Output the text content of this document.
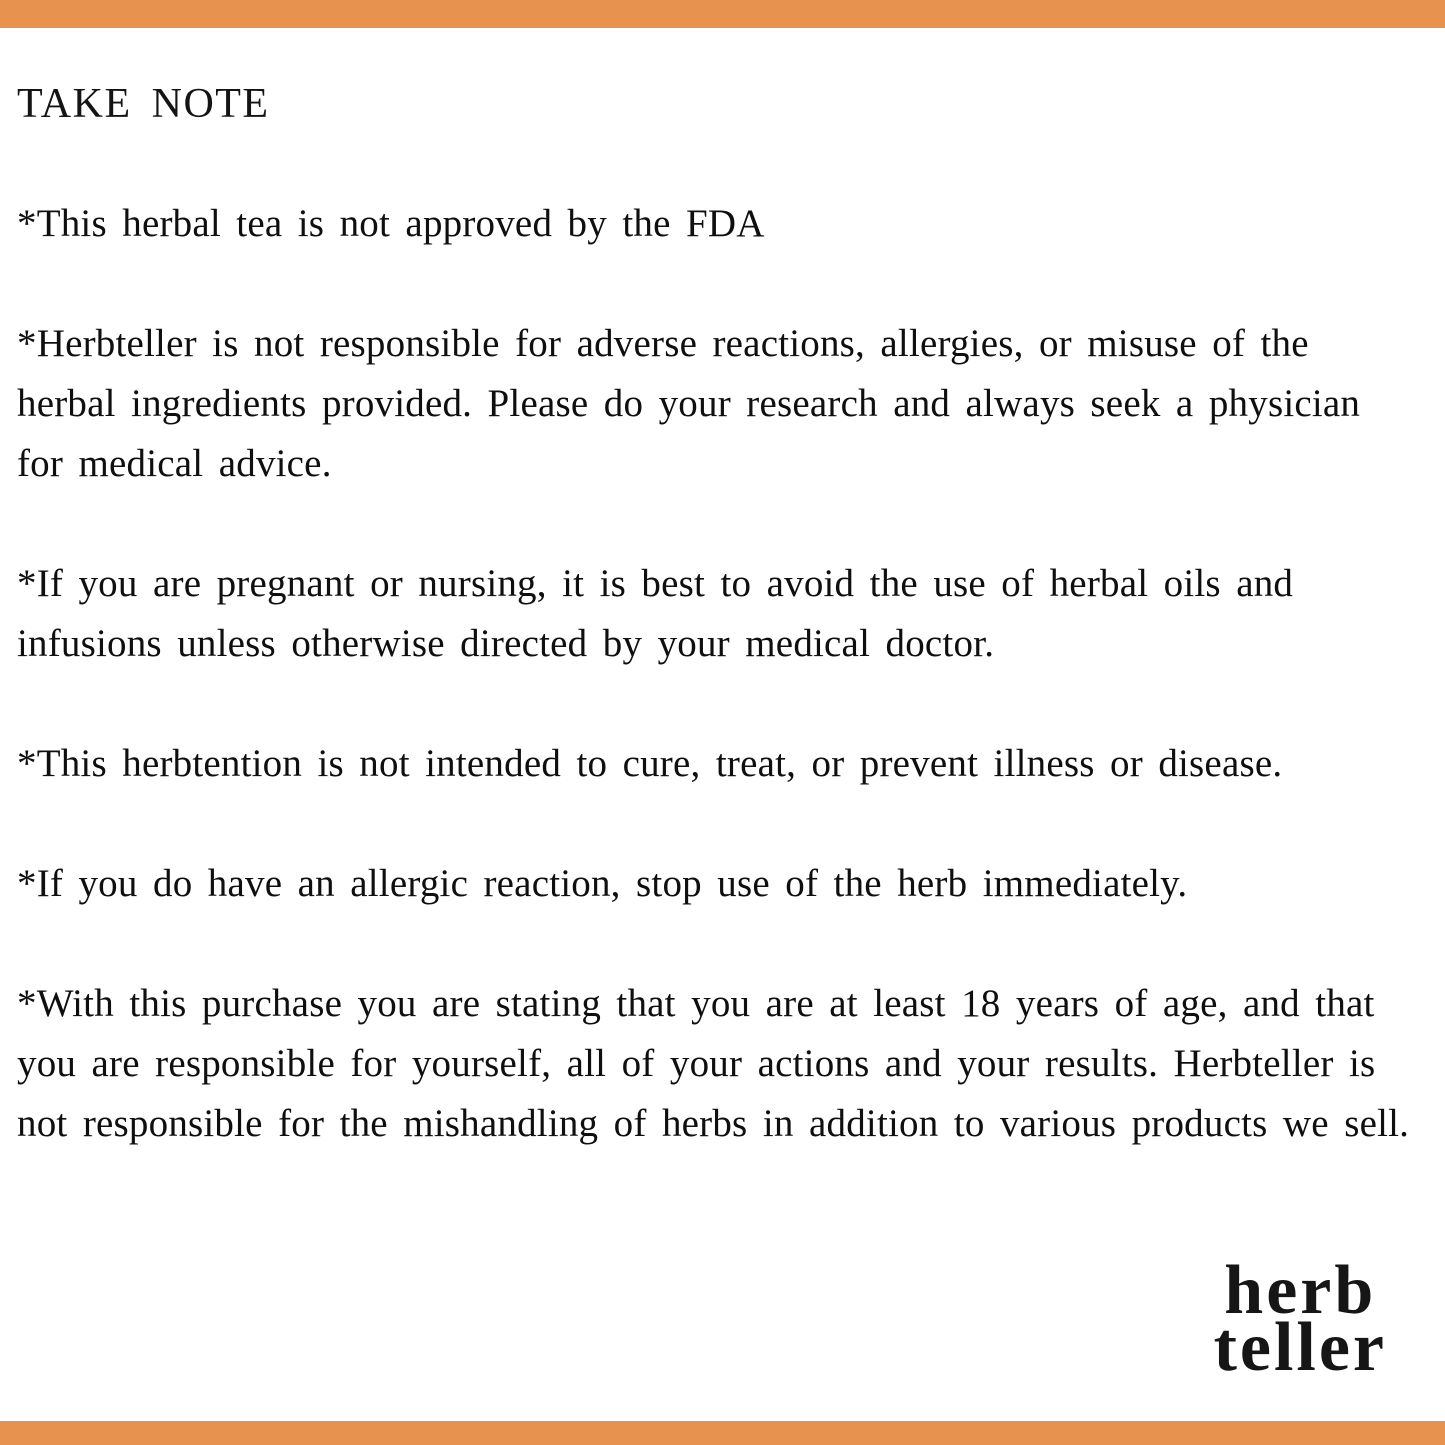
TAKE NOTE

*This herbal tea is not approved by the FDA

*Herbteller is not responsible for adverse reactions, allergies, or misuse of the herbal ingredients provided. Please do your research and always seek a physician for medical advice.

*If you are pregnant or nursing, it is best to avoid the use of herbal oils and infusions unless otherwise directed by your medical doctor.

*This herbtention is not intended to cure, treat, or prevent illness or disease.

*If you do have an allergic reaction, stop use of the herb immediately.

*With this purchase you are stating that you are at least 18 years of age, and that you are responsible for yourself, all of your actions and your results. Herbteller is not responsible for the mishandling of herbs in addition to various products we sell.

herb
teller
